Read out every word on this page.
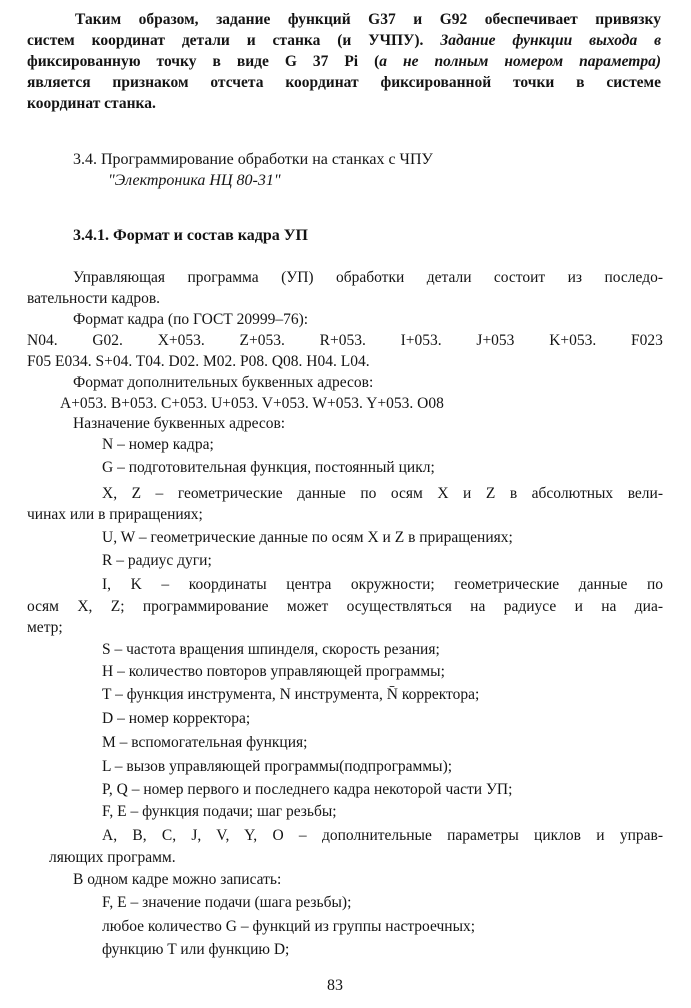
Таким образом, задание функций G37 и G92 обеспечивает привязку

систем координат детали и станка (и УЧПУ). Задание функции выхода в

фиксированную точку в виде G 37 Pi (а не полным номером параметра)

является признаком отсчета координат фиксированной точки в системе

координат станка.

3.4. Программирование обработки на станках с ЧПУ

"Электроника НЦ 80-31"

3.4.1. Формат и состав кадра УП

Управляющая программа (УП) обработки детали состоит из последо-

вательности кадров.

Формат кадра (по ГОСТ 20999–76):

N04. G02. X+053. Z+053. R+053. I+053. J+053 K+053. F023

F05 E034. S+04. T04. D02. M02. P08. Q08. H04. L04.

Формат дополнительных буквенных адресов:

A+053. B+053. C+053. U+053. V+053. W+053. Y+053. O08

Назначение буквенных адресов:

N – номер кадра;

G – подготовительная функция, постоянный цикл;

X, Z – геометрические данные по осям X и Z в абсолютных вели-

чинах или в приращениях;

U, W – геометрические данные по осям X и Z в приращениях;

R – радиус дуги;

I, K – координаты центра окружности; геометрические данные по

осям X, Z; программирование может осуществляться на радиусе и на диа-

метр;

S – частота вращения шпинделя, скорость резания;

H – количество повторов управляющей программы;

T – функция инструмента, N инструмента, N̄ корректора;

D – номер корректора;

M – вспомогательная функция;

L – вызов управляющей программы(подпрограммы);

P, Q – номер первого и последнего кадра некоторой части УП;

F, E – функция подачи; шаг резьбы;

A, B, C, J, V, Y, O – дополнительные параметры циклов и управ-

ляющих программ.

В одном кадре можно записать:

F, E – значение подачи (шага резьбы);

любое количество G – функций из группы настроечных;

функцию T или функцию D;

83
